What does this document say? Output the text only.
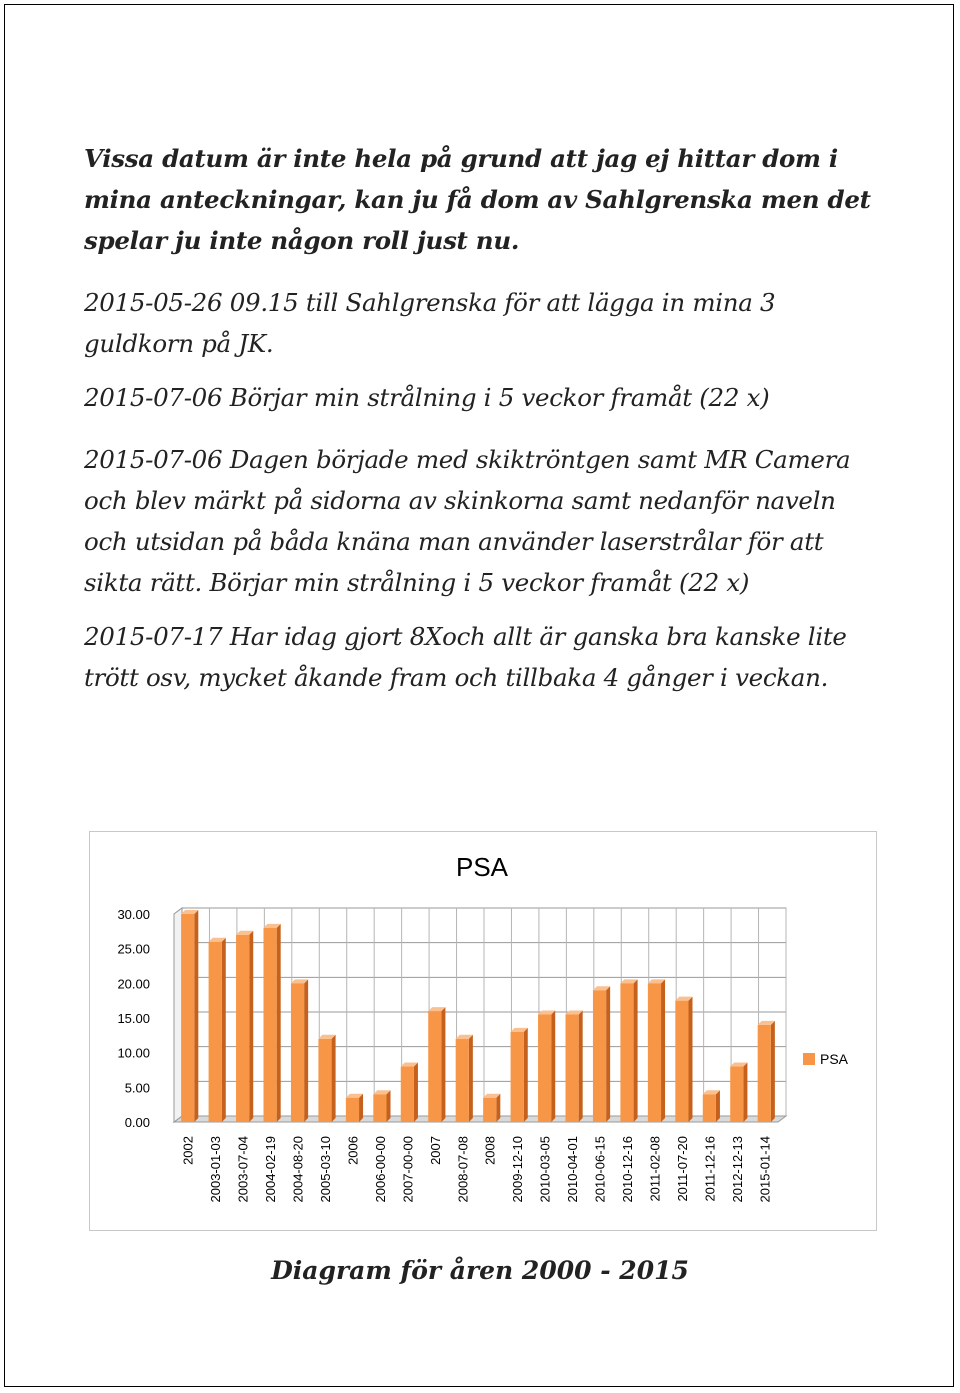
Vissa datum är inte hela på grund att jag ej hittar dom i mina anteckningar, kan ju få dom av Sahlgrenska men det spelar ju inte någon roll just nu.

2015-05-26 09.15 till Sahlgrenska för att lägga in mina 3 guldkorn på JK.

2015-07-06 Börjar min strålning i 5 veckor framåt (22 x)

2015-07-06 Dagen började med skiktröntgen samt MR Camera och blev märkt på sidorna av skinkorna samt nedanför naveln och utsidan på båda knäna man använder laserstrålar för att sikta rätt. Börjar min strålning i 5 veckor framåt (22 x)

2015-07-17 Har idag gjort 8Xoch allt är ganska bra kanske lite trött osv, mycket åkande fram och tillbaka 4 gånger i veckan.

PSA
30.00
25.00
20.00
15.00
10.00
5.00
0.00
2002 2003-01-03 2003-07-04 2004-02-19 2004-08-20 2005-03-10 2006 2006-00-00 2007-00-00 2007 2008-07-08 2008 2009-12-10 2010-03-05 2010-04-01 2010-06-15 2010-12-16 2011-02-08 2011-07-20 2011-12-16 2012-12-13 2015-01-14
PSA

Diagram för åren 2000 - 2015
